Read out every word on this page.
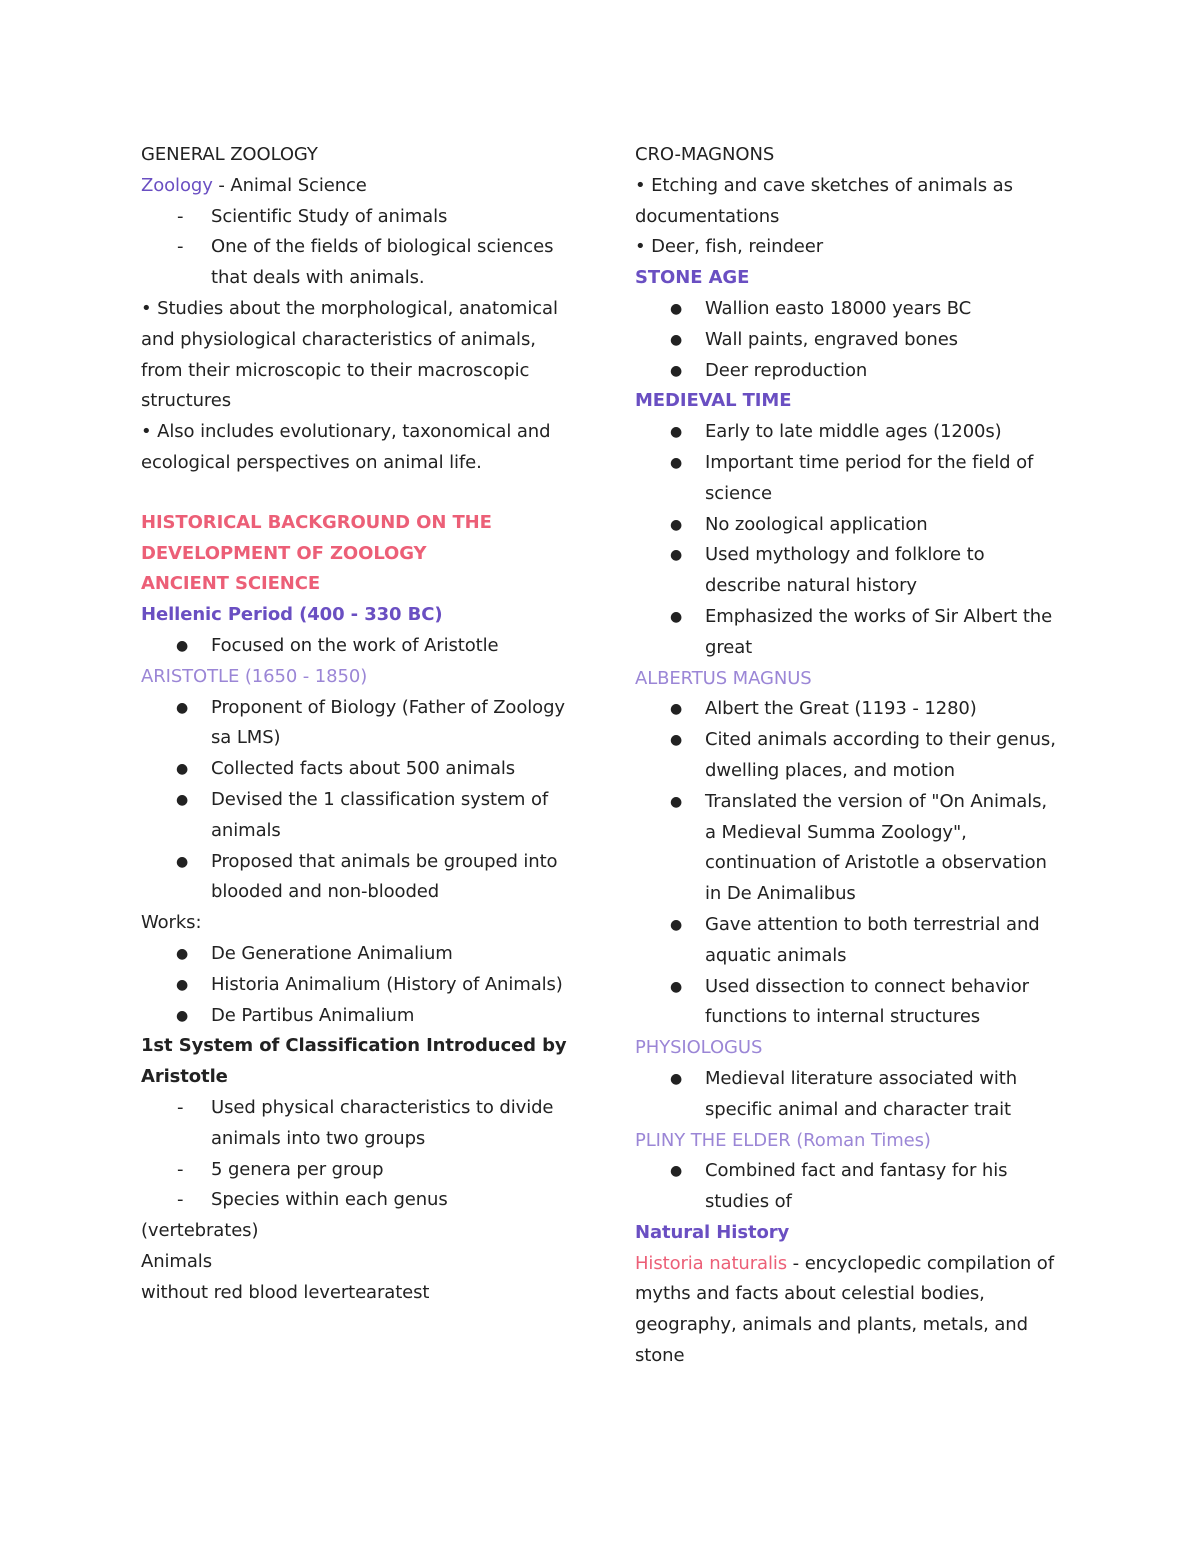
GENERAL ZOOLOGY
Zoology - Animal Science
- Scientific Study of animals
- One of the fields of biological sciences
that deals with animals.
• Studies about the morphological, anatomical
and physiological characteristics of animals,
from their microscopic to their macroscopic
structures
• Also includes evolutionary, taxonomical and
ecological perspectives on animal life.
HISTORICAL BACKGROUND ON THE
DEVELOPMENT OF ZOOLOGY
ANCIENT SCIENCE
Hellenic Period (400 - 330 BC)
● Focused on the work of Aristotle
ARISTOTLE (1650 - 1850)
● Proponent of Biology (Father of Zoology
sa LMS)
● Collected facts about 500 animals
● Devised the 1 classification system of
animals
● Proposed that animals be grouped into
blooded and non-blooded
Works:
● De Generatione Animalium
● Historia Animalium (History of Animals)
● De Partibus Animalium
1st System of Classification Introduced by
Aristotle
- Used physical characteristics to divide
animals into two groups
- 5 genera per group
- Species within each genus
(vertebrates)
Animals
without red blood levertearatest
CRO-MAGNONS
• Etching and cave sketches of animals as
documentations
• Deer, fish, reindeer
STONE AGE
● Wallion easto 18000 years BC
● Wall paints, engraved bones
● Deer reproduction
MEDIEVAL TIME
● Early to late middle ages (1200s)
● Important time period for the field of
science
● No zoological application
● Used mythology and folklore to
describe natural history
● Emphasized the works of Sir Albert the
great
ALBERTUS MAGNUS
● Albert the Great (1193 - 1280)
● Cited animals according to their genus,
dwelling places, and motion
● Translated the version of "On Animals,
a Medieval Summa Zoology",
continuation of Aristotle a observation
in De Animalibus
● Gave attention to both terrestrial and
aquatic animals
● Used dissection to connect behavior
functions to internal structures
PHYSIOLOGUS
● Medieval literature associated with
specific animal and character trait
PLINY THE ELDER (Roman Times)
● Combined fact and fantasy for his
studies of
Natural History
Historia naturalis - encyclopedic compilation of
myths and facts about celestial bodies,
geography, animals and plants, metals, and
stone
